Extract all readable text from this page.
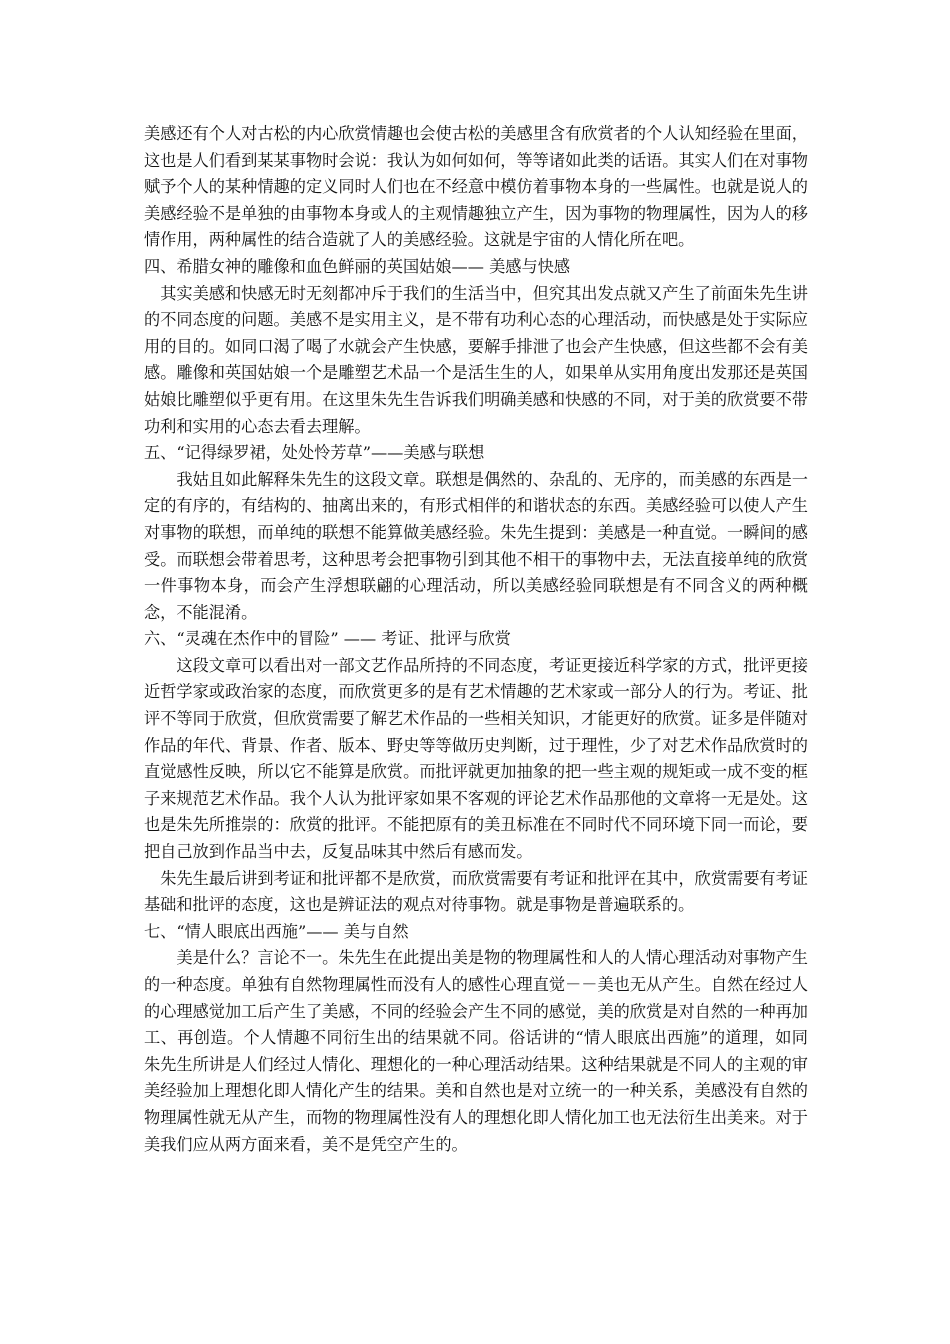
美感还有个人对古松的内心欣赏情趣也会使古松的美感里含有欣赏者的个人认知经验在里面，这也是人们看到某某事物时会说：我认为如何如何，等等诸如此类的话语。其实人们在对事物赋予个人的某种情趣的定义同时人们也在不经意中模仿着事物本身的一些属性。也就是说人的美感经验不是单独的由事物本身或人的主观情趣独立产生，因为事物的物理属性，因为人的移情作用，两种属性的结合造就了人的美感经验。这就是宇宙的人情化所在吧。

四、希腊女神的雕像和血色鲜丽的英国姑娘—— 美感与快感

其实美感和快感无时无刻都冲斥于我们的生活当中，但究其出发点就又产生了前面朱先生讲的不同态度的问题。美感不是实用主义，是不带有功利心态的心理活动，而快感是处于实际应用的目的。如同口渴了喝了水就会产生快感，要解手排泄了也会产生快感，但这些都不会有美感。雕像和英国姑娘一个是雕塑艺术品一个是活生生的人，如果单从实用角度出发那还是英国姑娘比雕塑似乎更有用。在这里朱先生告诉我们明确美感和快感的不同，对于美的欣赏要不带功利和实用的心态去看去理解。

五、“记得绿罗裙，处处怜芳草”——美感与联想

我姑且如此解释朱先生的这段文章。联想是偶然的、杂乱的、无序的，而美感的东西是一定的有序的，有结构的、抽离出来的，有形式相伴的和谐状态的东西。美感经验可以使人产生对事物的联想，而单纯的联想不能算做美感经验。朱先生提到：美感是一种直觉。一瞬间的感受。而联想会带着思考，这种思考会把事物引到其他不相干的事物中去，无法直接单纯的欣赏一件事物本身，而会产生浮想联翩的心理活动，所以美感经验同联想是有不同含义的两种概念，不能混淆。

六、“灵魂在杰作中的冒险” —— 考证、批评与欣赏

这段文章可以看出对一部文艺作品所持的不同态度，考证更接近科学家的方式，批评更接近哲学家或政治家的态度，而欣赏更多的是有艺术情趣的艺术家或一部分人的行为。考证、批评不等同于欣赏，但欣赏需要了解艺术作品的一些相关知识，才能更好的欣赏。证多是伴随对作品的年代、背景、作者、版本、野史等等做历史判断，过于理性，少了对艺术作品欣赏时的直觉感性反映，所以它不能算是欣赏。而批评就更加抽象的把一些主观的规矩或一成不变的框子来规范艺术作品。我个人认为批评家如果不客观的评论艺术作品那他的文章将一无是处。这也是朱先所推崇的：欣赏的批评。不能把原有的美丑标准在不同时代不同环境下同一而论，要把自己放到作品当中去，反复品味其中然后有感而发。

朱先生最后讲到考证和批评都不是欣赏，而欣赏需要有考证和批评在其中，欣赏需要有考证基础和批评的态度，这也是辨证法的观点对待事物。就是事物是普遍联系的。

七、“情人眼底出西施”—— 美与自然

美是什么？言论不一。朱先生在此提出美是物的物理属性和人的人情心理活动对事物产生的一种态度。单独有自然物理属性而没有人的感性心理直觉－－美也无从产生。自然在经过人的心理感觉加工后产生了美感，不同的经验会产生不同的感觉，美的欣赏是对自然的一种再加工、再创造。个人情趣不同衍生出的结果就不同。俗话讲的“情人眼底出西施”的道理，如同朱先生所讲是人们经过人情化、理想化的一种心理活动结果。这种结果就是不同人的主观的审美经验加上理想化即人情化产生的结果。美和自然也是对立统一的一种关系，美感没有自然的物理属性就无从产生，而物的物理属性没有人的理想化即人情化加工也无法衍生出美来。对于美我们应从两方面来看，美不是凭空产生的。
